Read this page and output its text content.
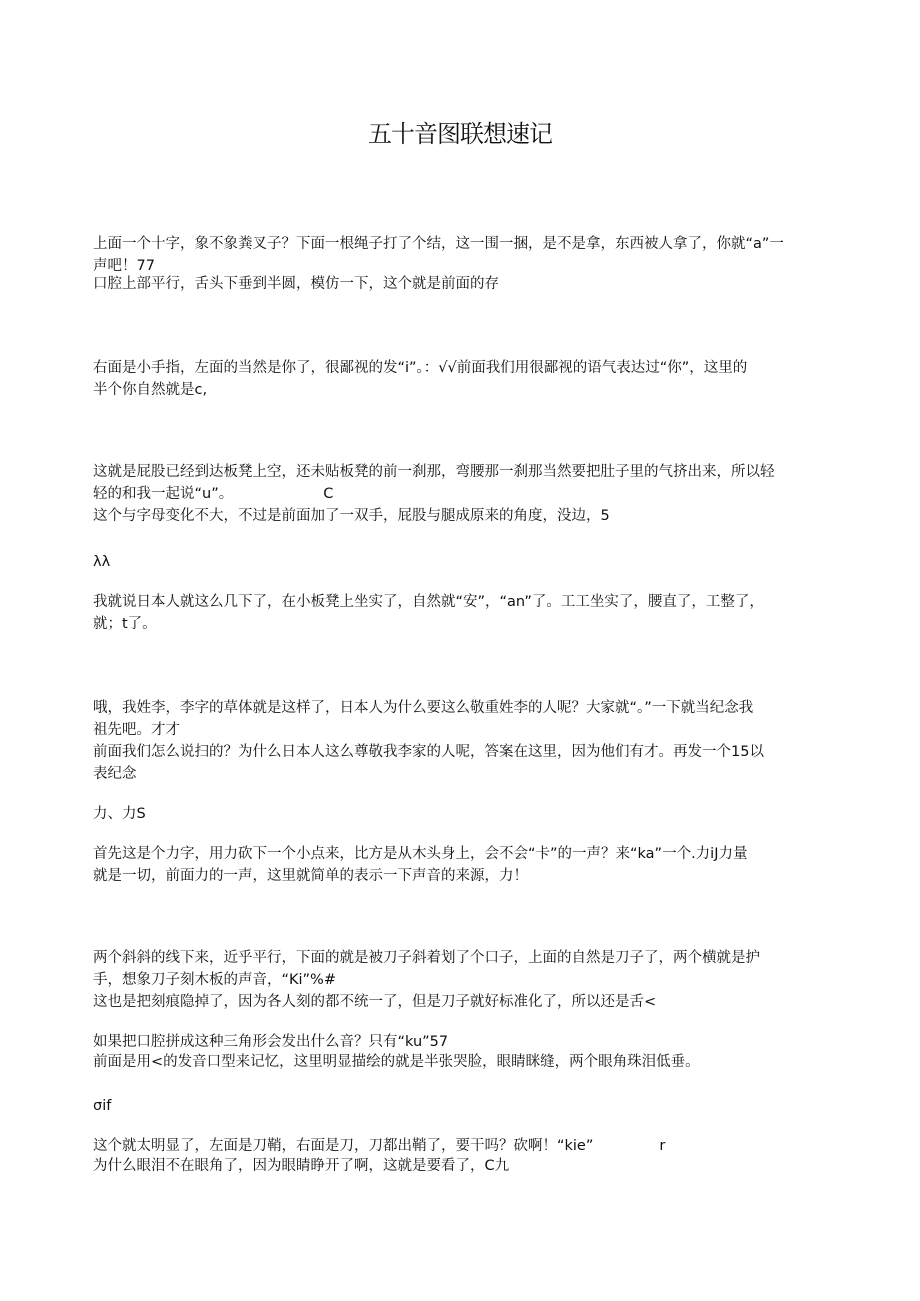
五十音图联想速记

上面一个十字，象不象粪叉子？下面一根绳子打了个结，这一围一捆，是不是拿，东西被人拿了，你就“a”一

声吧！77

口腔上部平行，舌头下垂到半圆，模仿一下，这个就是前面的存

右面是小手指，左面的当然是你了，很鄙视的发“i”。：√√前面我们用很鄙视的语气表达过“你”，这里的

半个你自然就是c,

这就是屁股已经到达板凳上空，还未贴板凳的前一刹那，弯腰那一刹那当然要把肚子里的气挤出来，所以轻

轻的和我一起说“u”。	C

这个与字母变化不大，不过是前面加了一双手，屁股与腿成原来的角度，没边，5

λλ

我就说日本人就这么几下了，在小板凳上坐实了，自然就“安”，“an”了。工工坐实了，腰直了，工整了，

就；t了。

哦，我姓李，李字的草体就是这样了，日本人为什么要这么敬重姓李的人呢？大家就“。”一下就当纪念我

祖先吧。才才

前面我们怎么说扫的？为什么日本人这么尊敬我李家的人呢，答案在这里，因为他们有才。再发一个15以

表纪念

力、力S

首先这是个力字，用力砍下一个小点来，比方是从木头身上，会不会“卡”的一声？来“ka”一个.力iJ力量

就是一切，前面力的一声，这里就简单的表示一下声音的来源，力！

两个斜斜的线下来，近乎平行，下面的就是被刀子斜着划了个口子，上面的自然是刀子了，两个横就是护

手，想象刀子刻木板的声音，“Ki”%#

这也是把刻痕隐掉了，因为各人刻的都不统一了，但是刀子就好标准化了，所以还是舌<

如果把口腔拼成这种三角形会发出什么音？只有“ku”57

前面是用<的发音口型来记忆，这里明显描绘的就是半张哭脸，眼睛眯缝，两个眼角珠泪低垂。

σif

这个就太明显了，左面是刀鞘，右面是刀，刀都出鞘了，要干吗？砍啊！“kie”	r

为什么眼泪不在眼角了，因为眼睛睁开了啊，这就是要看了，C九
